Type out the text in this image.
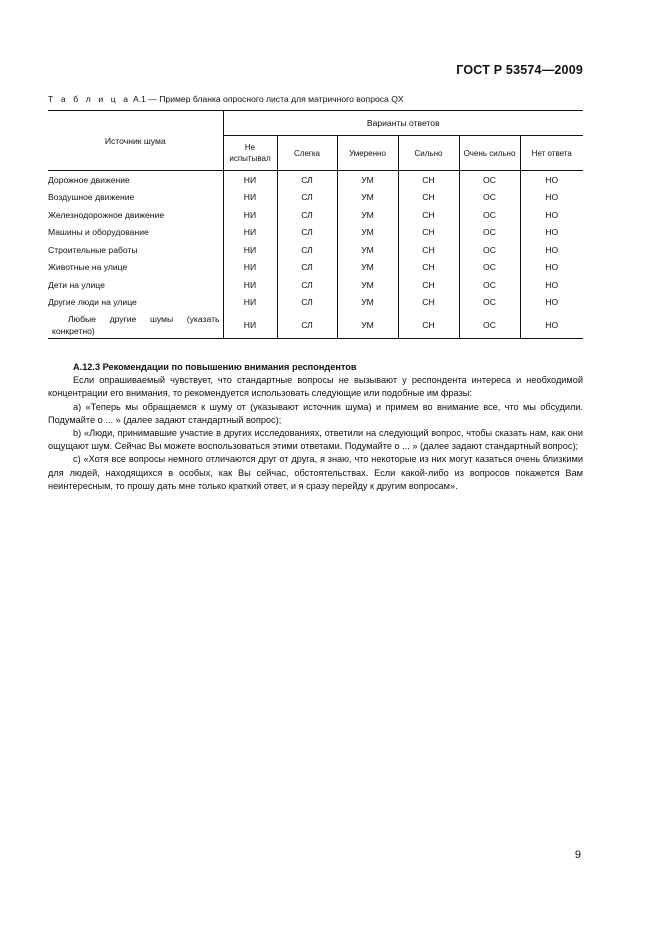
ГОСТ Р 53574—2009
Т а б л и ц а А.1 — Пример бланка опросного листа для матричного вопроса QX
Источник шума	Варианты ответов					
	Не испытывал	Слегка	Умеренно	Сильно	Очень сильно	Нет ответа
Дорожное движение	НИ	СЛ	УМ	СН	ОС	НО
Воздушное движение	НИ	СЛ	УМ	СН	ОС	НО
Железнодорожное движение	НИ	СЛ	УМ	СН	ОС	НО
Машины и оборудование	НИ	СЛ	УМ	СН	ОС	НО
Строительные работы	НИ	СЛ	УМ	СН	ОС	НО
Животные на улице	НИ	СЛ	УМ	СН	ОС	НО
Дети на улице	НИ	СЛ	УМ	СН	ОС	НО
Другие люди на улице	НИ	СЛ	УМ	СН	ОС	НО
Любые другие шумы (указать конкретно)	НИ	СЛ	УМ	СН	ОС	НО
А.12.3 Рекомендации по повышению внимания респондентов

Если опрашиваемый чувствует, что стандартные вопросы не вызывают у респондента интереса и необходимой концентрации его внимания, то рекомендуется использовать следующие или подобные им фразы:

а) «Теперь мы обращаемся к шуму от (указывают источник шума) и примем во внимание все, что мы обсудили. Подумайте о ... » (далее задают стандартный вопрос);

b) «Люди, принимавшие участие в других исследованиях, ответили на следующий вопрос, чтобы сказать нам, как они ощущают шум. Сейчас Вы можете воспользоваться этими ответами. Подумайте о ... » (далее задают стандартный вопрос);

c) «Хотя все вопросы немного отличаются друг от друга, я знаю, что некоторые из них могут казаться очень близкими для людей, находящихся в особых, как Вы сейчас, обстоятельствах. Если какой-либо из вопросов покажется Вам неинтересным, то прошу дать мне только краткий ответ, и я сразу перейду к другим вопросам».

9
